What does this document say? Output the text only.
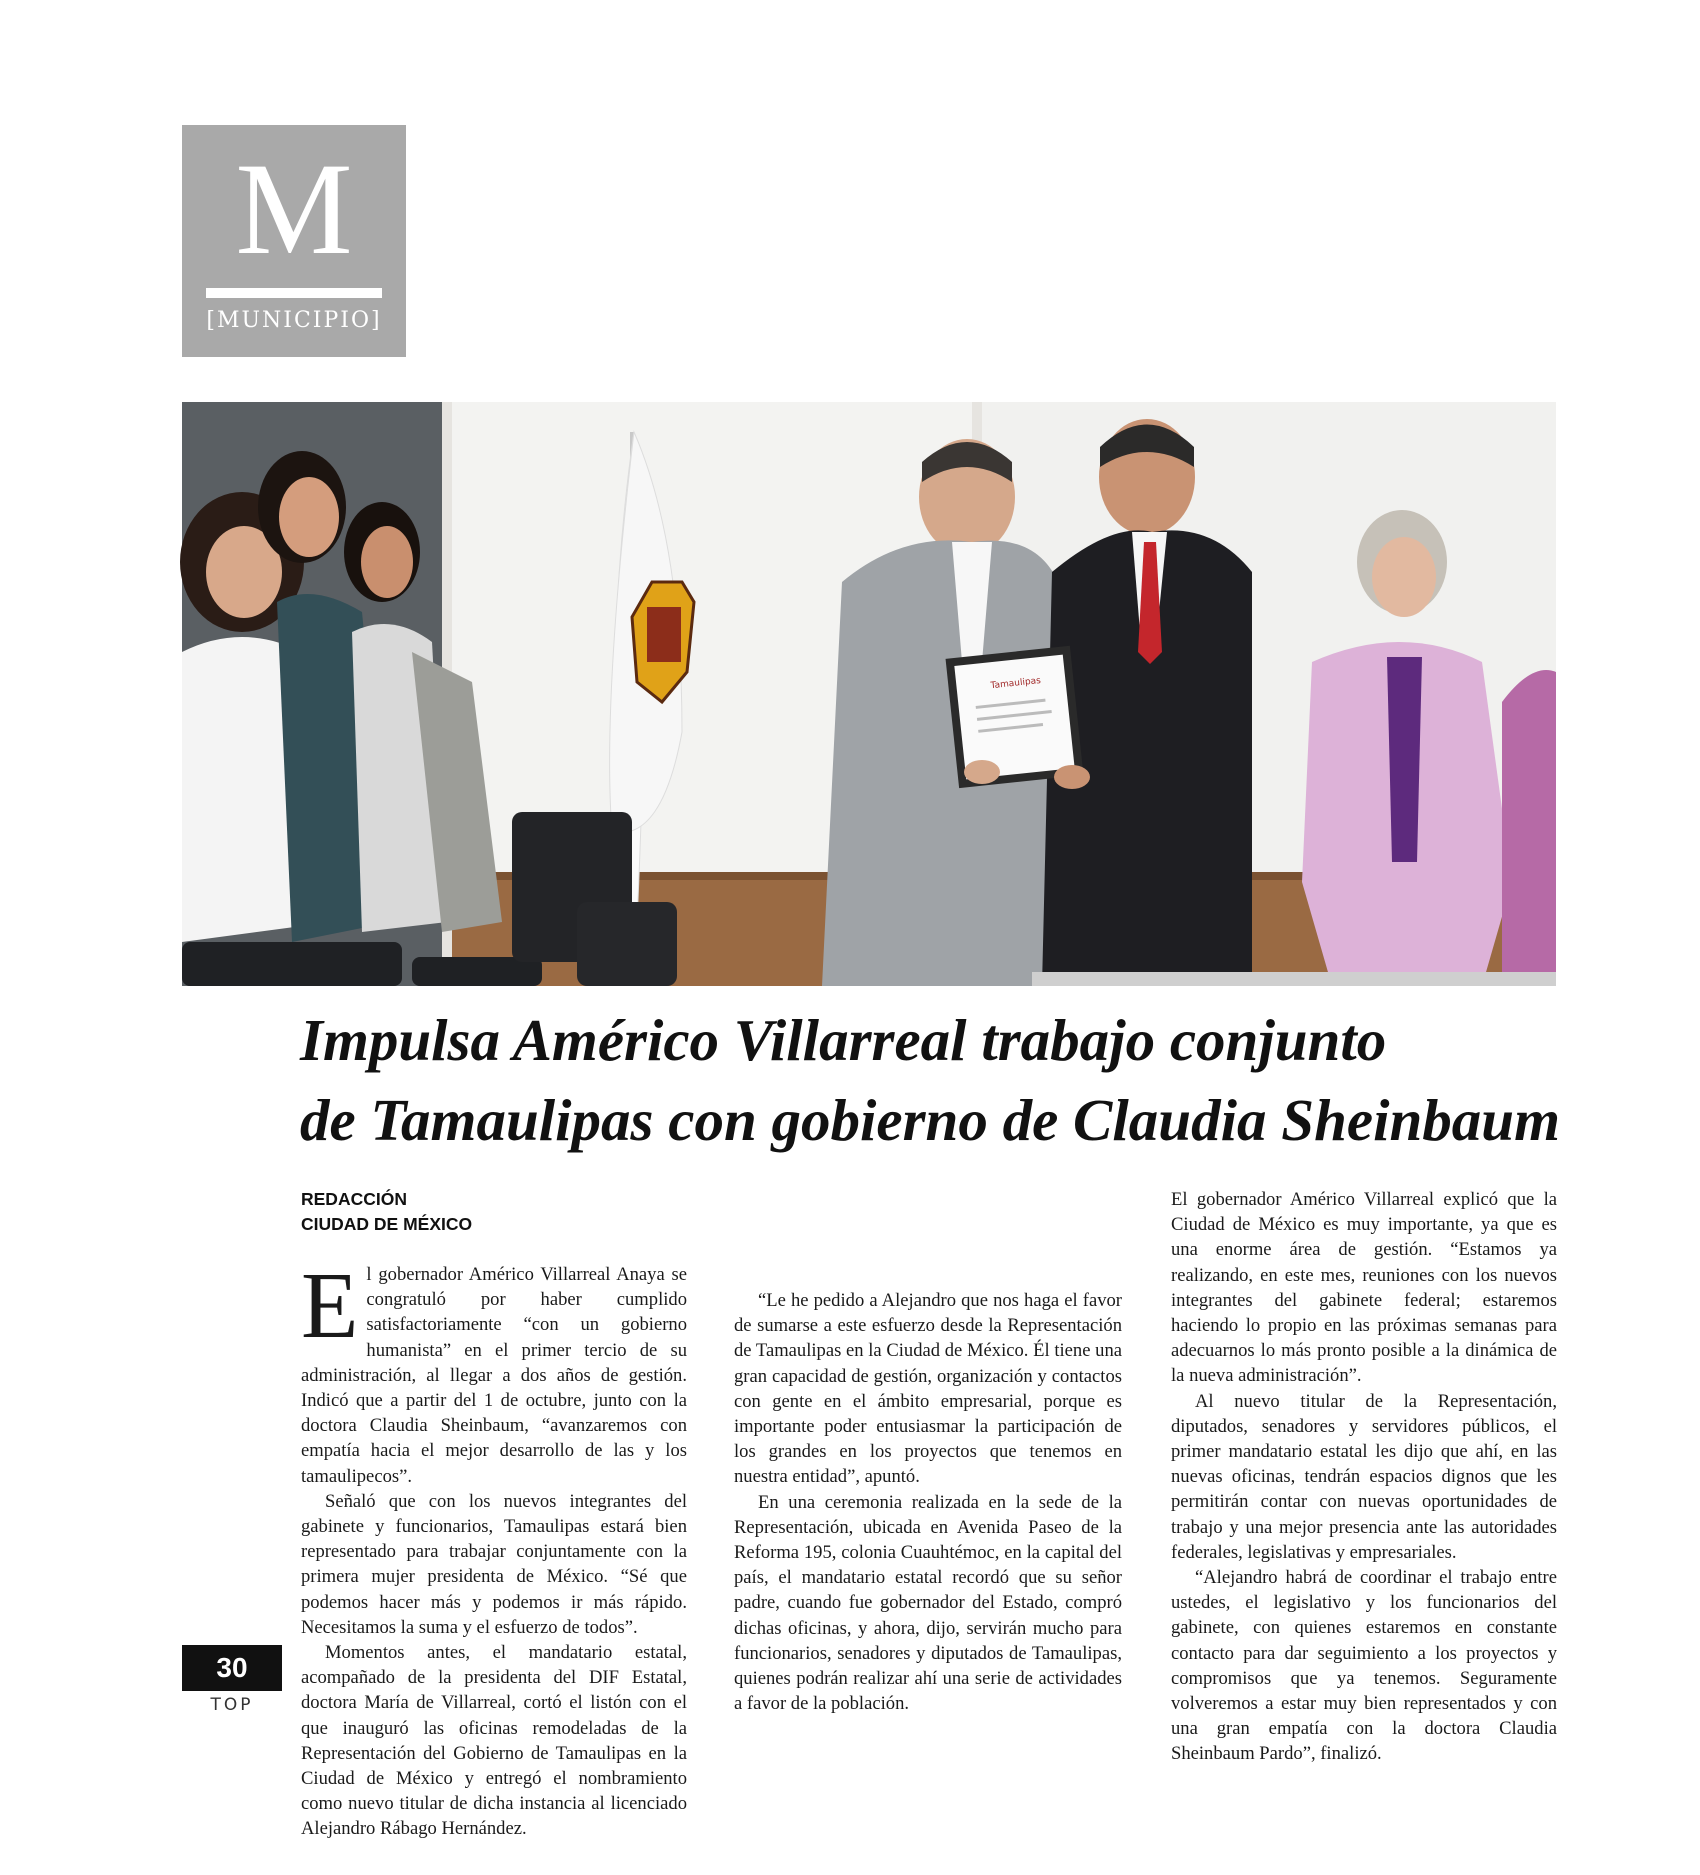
M
[MUNICIPIO]
Tamaulipas
Impulsa Américo Villarreal trabajo conjunto
de Tamaulipas con gobierno de Claudia Sheinbaum
REDACCIÓN
CIUDAD DE MÉXICO

El gobernador Américo Villarreal Anaya se congratuló por haber cumplido satisfactoriamente “con un gobierno humanista” en el primer tercio de su administración, al llegar a dos años de gestión. Indicó que a partir del 1 de octubre, junto con la doctora Claudia Sheinbaum, “avanzaremos con empatía hacia el mejor desarrollo de las y los tamaulipecos”.

Señaló que con los nuevos integrantes del gabinete y funcionarios, Tamaulipas estará bien representado para trabajar conjuntamente con la primera mujer presidenta de México. “Sé que podemos hacer más y podemos ir más rápido. Necesitamos la suma y el esfuerzo de todos”.

Momentos antes, el mandatario estatal, acompañado de la presidenta del DIF Estatal, doctora María de Villarreal, cortó el listón con el que inauguró las oficinas remodeladas de la Representación del Gobierno de Tamaulipas en la Ciudad de México y entregó el nombramiento como nuevo titular de dicha instancia al licenciado Alejandro Rábago Hernández.

“Le he pedido a Alejandro que nos haga el favor de sumarse a este esfuerzo desde la Representación de Tamaulipas en la Ciudad de México. Él tiene una gran capacidad de gestión, organización y contactos con gente en el ámbito empresarial, porque es importante poder entusiasmar la participación de los grandes en los proyectos que tenemos en nuestra entidad”, apuntó.

En una ceremonia realizada en la sede de la Representación, ubicada en Avenida Paseo de la Reforma 195, colonia Cuauhtémoc, en la capital del país, el mandatario estatal recordó que su señor padre, cuando fue gobernador del Estado, compró dichas oficinas, y ahora, dijo, servirán mucho para funcionarios, senadores y diputados de Tamaulipas, quienes podrán realizar ahí una serie de actividades a favor de la población.

El gobernador Américo Villarreal explicó que la Ciudad de México es muy importante, ya que es una enorme área de gestión. “Estamos ya realizando, en este mes, reuniones con los nuevos integrantes del gabinete federal; estaremos haciendo lo propio en las próximas semanas para adecuarnos lo más pronto posible a la dinámica de la nueva administración”.

Al nuevo titular de la Representación, diputados, senadores y servidores públicos, el primer mandatario estatal les dijo que ahí, en las nuevas oficinas, tendrán espacios dignos que les permitirán contar con nuevas oportunidades de trabajo y una mejor presencia ante las autoridades federales, legislativas y empresariales.

“Alejandro habrá de coordinar el trabajo entre ustedes, el legislativo y los funcionarios del gabinete, con quienes estaremos en constante contacto para dar seguimiento a los proyectos y compromisos que ya tenemos. Seguramente volveremos a estar muy bien representados y con una gran empatía con la doctora Claudia Sheinbaum Pardo”, finalizó.

30
TOP
